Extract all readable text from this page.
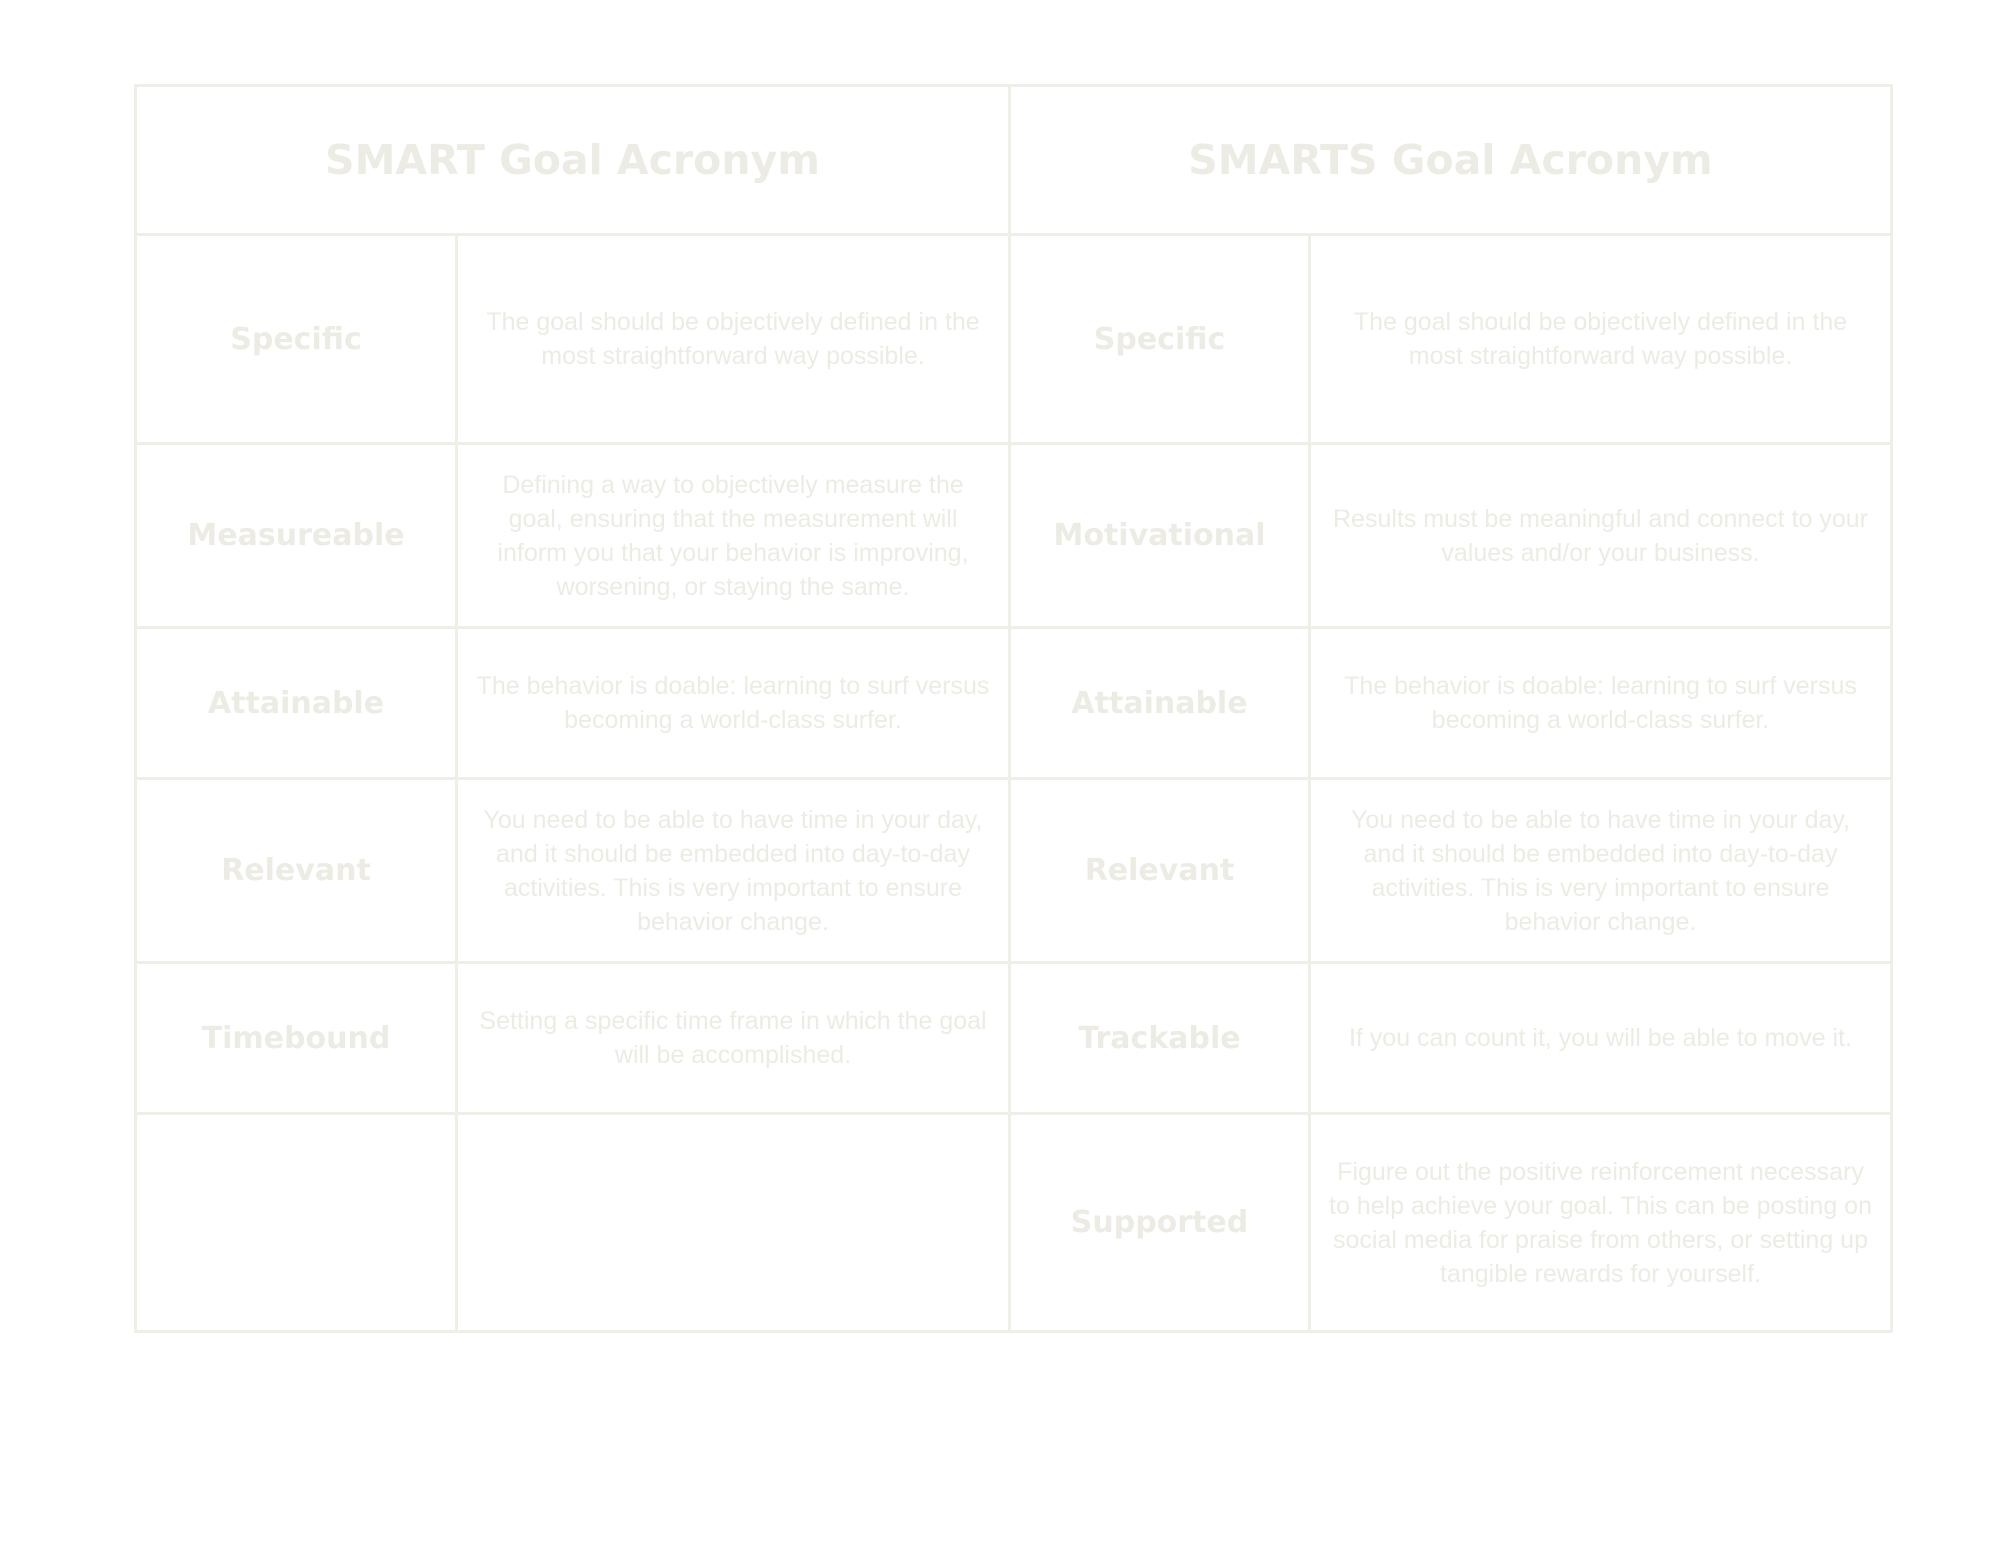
SMART Goal Acronym		SMARTS Goal Acronym	
Specific	The goal should be objectively defined in the most straightforward way possible.	Specific	The goal should be objectively defined in the most straightforward way possible.
Measureable	Defining a way to objectively measure the goal, ensuring that the measurement will inform you that your behavior is improving, worsening, or staying the same.	Motivational	Results must be meaningful and connect to your values and/or your business.
Attainable	The behavior is doable: learning to surf versus becoming a world-class surfer.	Attainable	The behavior is doable: learning to surf versus becoming a world-class surfer.
Relevant	You need to be able to have time in your day, and it should be embedded into day-to-day activities. This is very important to ensure behavior change.	Relevant	You need to be able to have time in your day, and it should be embedded into day-to-day activities. This is very important to ensure behavior change.
Timebound	Setting a specific time frame in which the goal will be accomplished.	Trackable	If you can count it, you will be able to move it.
		Supported	Figure out the positive reinforcement necessary to help achieve your goal. This can be posting on social media for praise from others, or setting up tangible rewards for yourself.
